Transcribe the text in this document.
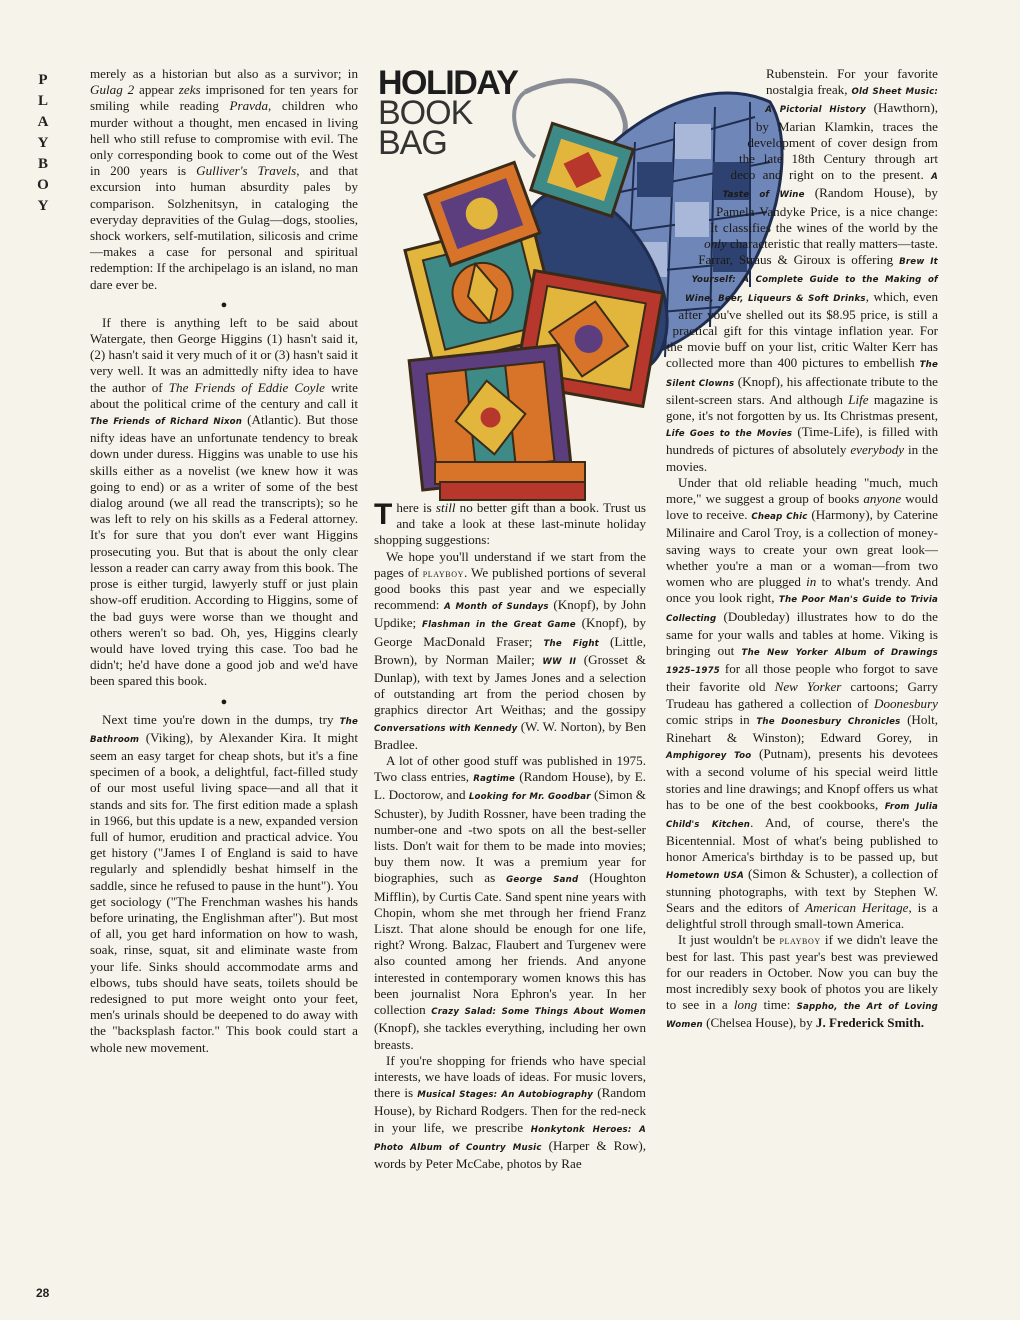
P
L
A
Y
B
O
Y
28
HOLIDAY
BOOK
BAG

merely as a historian but also as a survivor; in Gulag 2 appear zeks imprisoned for ten years for smiling while reading Pravda, children who murder without a thought, men encased in living hell who still refuse to compromise with evil. The only corresponding book to come out of the West in 200 years is Gulliver's Travels, and that excursion into human absurdity pales by comparison. Solzhenitsyn, in cataloging the everyday depravities of the Gulag—dogs, stoolies, shock workers, self-mutilation, silicosis and crime—makes a case for personal and spiritual redemption: If the archipelago is an island, no man dare ever be.

●

If there is anything left to be said about Watergate, then George Higgins (1) hasn't said it, (2) hasn't said it very much of it or (3) hasn't said it very well. It was an admittedly nifty idea to have the author of The Friends of Eddie Coyle write about the political crime of the century and call it The Friends of Richard Nixon (Atlantic). But those nifty ideas have an unfortunate tendency to break down under duress. Higgins was unable to use his skills either as a novelist (we knew how it was going to end) or as a writer of some of the best dialog around (we all read the transcripts); so he was left to rely on his skills as a Federal attorney. It's for sure that you don't ever want Higgins prosecuting you. But that is about the only clear lesson a reader can carry away from this book. The prose is either turgid, lawyerly stuff or just plain show-off erudition. According to Higgins, some of the bad guys were worse than we thought and others weren't so bad. Oh, yes, Higgins clearly would have loved trying this case. Too bad he didn't; he'd have done a good job and we'd have been spared this book.

●

Next time you're down in the dumps, try The Bathroom (Viking), by Alexander Kira. It might seem an easy target for cheap shots, but it's a fine specimen of a book, a delightful, fact-filled study of our most useful living space—and all that it stands and sits for. The first edition made a splash in 1966, but this update is a new, expanded version full of humor, erudition and practical advice. You get history ("James I of England is said to have regularly and splendidly beshat himself in the saddle, since he refused to pause in the hunt"). You get sociology ("The Frenchman washes his hands before urinating, the Englishman after"). But most of all, you get hard information on how to wash, soak, rinse, squat, sit and eliminate waste from your life. Sinks should accommodate arms and elbows, tubs should have seats, toilets should be redesigned to put more weight onto your feet, men's urinals should be deepened to do away with the "backsplash factor." This book could start a whole new movement.

There is still no better gift than a book. Trust us and take a look at these last-minute holiday shopping suggestions:

We hope you'll understand if we start from the pages of playboy. We published portions of several good books this past year and we especially recommend: A Month of Sundays (Knopf), by John Updike; Flashman in the Great Game (Knopf), by George MacDonald Fraser; The Fight (Little, Brown), by Norman Mailer; WW II (Grosset & Dunlap), with text by James Jones and a selection of outstanding art from the period chosen by graphics director Art Weithas; and the gossipy Conversations with Kennedy (W. W. Norton), by Ben Bradlee.

A lot of other good stuff was published in 1975. Two class entries, Ragtime (Random House), by E. L. Doctorow, and Looking for Mr. Goodbar (Simon & Schuster), by Judith Rossner, have been trading the number-one and -two spots on all the best-seller lists. Don't wait for them to be made into movies; buy them now. It was a premium year for biographies, such as George Sand (Houghton Mifflin), by Curtis Cate. Sand spent nine years with Chopin, whom she met through her friend Franz Liszt. That alone should be enough for one life, right? Wrong. Balzac, Flaubert and Turgenev were also counted among her friends. And anyone interested in contemporary women knows this has been journalist Nora Ephron's year. In her collection Crazy Salad: Some Things About Women (Knopf), she tackles everything, including her own breasts.

If you're shopping for friends who have special interests, we have loads of ideas. For music lovers, there is Musical Stages: An Autobiography (Random House), by Richard Rodgers. Then for the red-neck in your life, we prescribe Honkytonk Heroes: A Photo Album of Country Music (Harper & Row), words by Peter McCabe, photos by Rae

Rubenstein. For your favorite nostalgia freak, Old Sheet Music: A Pictorial History (Hawthorn), by Marian Klamkin, traces the development of cover design from the late 18th Century through art deco and right on to the present. A Taste of Wine (Random House), by Pamela Vandyke Price, is a nice change: It classifies the wines of the world by the only characteristic that really matters—taste. Farrar, Straus & Giroux is offering Brew It Yourself: A Complete Guide to the Making of Wine, Beer, Liqueurs & Soft Drinks, which, even after you've shelled out its $8.95 price, is still a practical gift for this vintage inflation year. For the movie buff on your list, critic Walter Kerr has collected more than 400 pictures to embellish The Silent Clowns (Knopf), his affectionate tribute to the silent-screen stars. And although Life magazine is gone, it's not forgotten by us. Its Christmas present, Life Goes to the Movies (Time-Life), is filled with hundreds of pictures of absolutely everybody in the movies.

Under that old reliable heading "much, much more," we suggest a group of books anyone would love to receive. Cheap Chic (Harmony), by Caterine Milinaire and Carol Troy, is a collection of money-saving ways to create your own great look—whether you're a man or a woman—from two women who are plugged in to what's trendy. And once you look right, The Poor Man's Guide to Trivia Collecting (Doubleday) illustrates how to do the same for your walls and tables at home. Viking is bringing out The New Yorker Album of Drawings 1925–1975 for all those people who forgot to save their favorite old New Yorker cartoons; Garry Trudeau has gathered a collection of Doonesbury comic strips in The Doonesbury Chronicles (Holt, Rinehart & Winston); Edward Gorey, in Amphigorey Too (Putnam), presents his devotees with a second volume of his special weird little stories and line drawings; and Knopf offers us what has to be one of the best cookbooks, From Julia Child's Kitchen. And, of course, there's the Bicentennial. Most of what's being published to honor America's birthday is to be passed up, but Hometown USA (Simon & Schuster), a collection of stunning photographs, with text by Stephen W. Sears and the editors of American Heritage, is a delightful stroll through small-town America.

It just wouldn't be playboy if we didn't leave the best for last. This past year's best was previewed for our readers in October. Now you can buy the most incredibly sexy book of photos you are likely to see in a long time: Sappho, the Art of Loving Women (Chelsea House), by J. Frederick Smith.
